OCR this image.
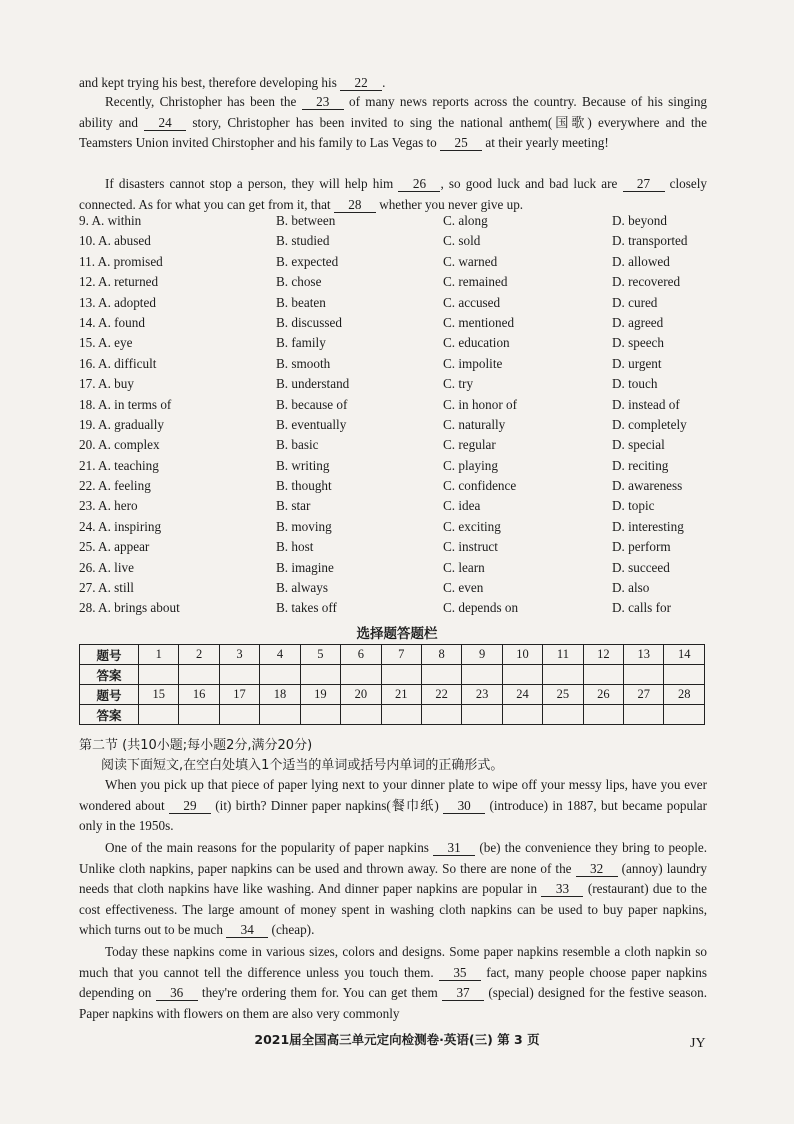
and kept trying his best, therefore developing his 22 .
Recently, Christopher has been the 23 of many news reports across the country. Because of his singing ability and 24 story, Christopher has been invited to sing the national anthem(国歌) everywhere and the Teamsters Union invited Chirstopher and his family to Las Vegas to 25 at their yearly meeting!
If disasters cannot stop a person, they will help him 26 , so good luck and bad luck are 27 closely connected. As for what you can get from it, that 28 whether you never give up.
9. A. within	B. between	C. along	D. beyond
10. A. abused	B. studied	C. sold	D. transported
11. A. promised	B. expected	C. warned	D. allowed
12. A. returned	B. chose	C. remained	D. recovered
13. A. adopted	B. beaten	C. accused	D. cured
14. A. found	B. discussed	C. mentioned	D. agreed
15. A. eye	B. family	C. education	D. speech
16. A. difficult	B. smooth	C. impolite	D. urgent
17. A. buy	B. understand	C. try	D. touch
18. A. in terms of	B. because of	C. in honor of	D. instead of
19. A. gradually	B. eventually	C. naturally	D. completely
20. A. complex	B. basic	C. regular	D. special
21. A. teaching	B. writing	C. playing	D. reciting
22. A. feeling	B. thought	C. confidence	D. awareness
23. A. hero	B. star	C. idea	D. topic
24. A. inspiring	B. moving	C. exciting	D. interesting
25. A. appear	B. host	C. instruct	D. perform
26. A. live	B. imagine	C. learn	D. succeed
27. A. still	B. always	C. even	D. also
28. A. brings about	B. takes off	C. depends on	D. calls for
选择题答题栏
题号	1	2	3	4	5	6	7	8	9	10	11	12	13	14
答案														
题号	15	16	17	18	19	20	21	22	23	24	25	26	27	28
答案														
第二节 (共10小题;每小题2分,满分20分)
阅读下面短文,在空白处填入1个适当的单词或括号内单词的正确形式。
When you pick up that piece of paper lying next to your dinner plate to wipe off your messy lips, have you ever wondered about 29 (it) birth? Dinner paper napkins(餐巾纸) 30 (introduce) in 1887, but became popular only in the 1950s.
One of the main reasons for the popularity of paper napkins 31 (be) the convenience they bring to people. Unlike cloth napkins, paper napkins can be used and thrown away. So there are none of the 32 (annoy) laundry needs that cloth napkins have like washing. And dinner paper napkins are popular in 33 (restaurant) due to the cost effectiveness. The large amount of money spent in washing cloth napkins can be used to buy paper napkins, which turns out to be much 34 (cheap).
Today these napkins come in various sizes, colors and designs. Some paper napkins resemble a cloth napkin so much that you cannot tell the difference unless you touch them. 35 fact, many people choose paper napkins depending on 36 they're ordering them for. You can get them 37 (special) designed for the festive season. Paper napkins with flowers on them are also very commonly
2021届全国高三单元定向检测卷·英语(三) 第 3 页	JY
